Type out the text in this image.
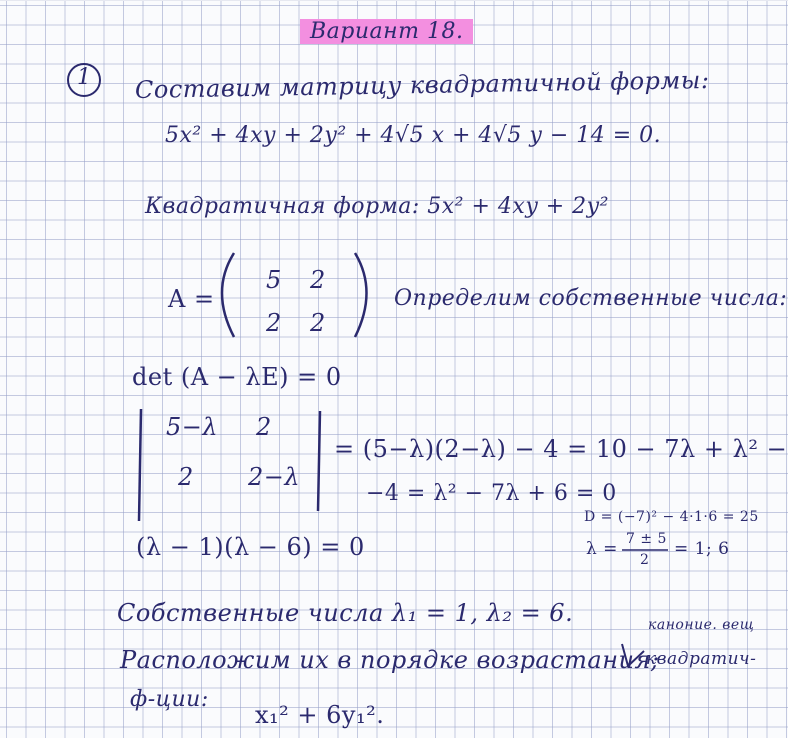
Вариант 18.
1 Составим матрицу квадратичной формы:
5x² + 4xy + 2y² + 4√5 x + 4√5 y − 14 = 0.
Квадратичная форма: 5x² + 4xy + 2y²
A =
5 2
2 2
Определим собственные числа:
det (A − λE) = 0
5−λ 2
2 2−λ
= (5−λ)(2−λ) − 4 = 10 − 7λ + λ² −
−4 = λ² − 7λ + 6 = 0
D = (−7)² − 4·1·6 = 25
λ = 7 ± 5
2
= 1; 6
(λ − 1)(λ − 6) = 0
Собственные числа λ₁ = 1, λ₂ = 6.	каноние. вещ
Расположим их в порядке возрастания;
квадратич-
ф-ции:
x₁² + 6y₁².
